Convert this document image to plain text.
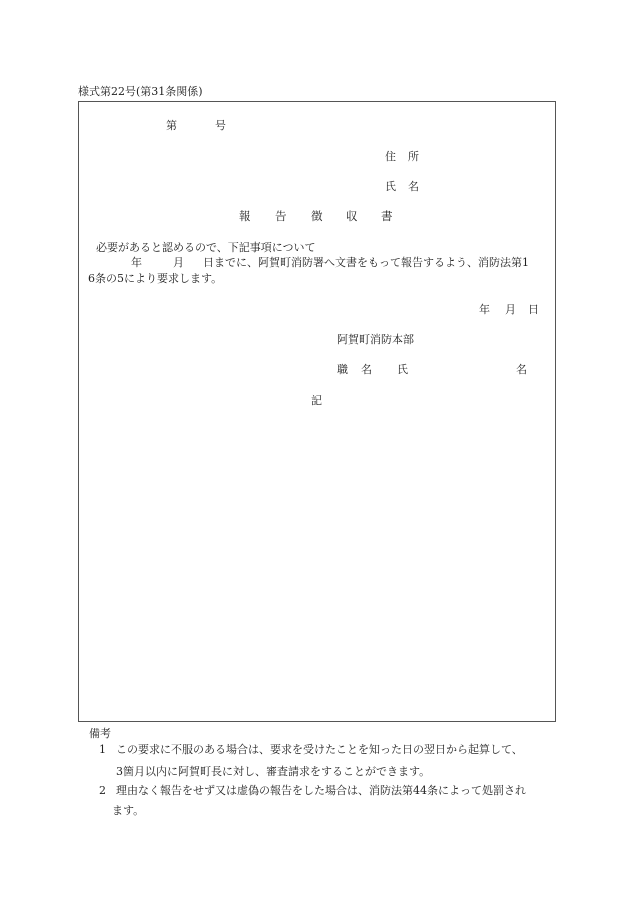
様式第22号(第31条関係)
第	号
住 所
氏 名
報 告 徴 収 書
必要があると認めるので、下記事項について
年	月 日までに、阿賀町消防署へ文書をもって報告するよう、消防法第1
6条の5により要求します。
年 月 日
阿賀町消防本部
職 名 氏	名
記
備考
1 この要求に不服のある場合は、要求を受けたことを知った日の翌日から起算して、
3箇月以内に阿賀町長に対し、審査請求をすることができます。
2 理由なく報告をせず又は虚偽の報告をした場合は、消防法第44条によって処罰され
ます。
